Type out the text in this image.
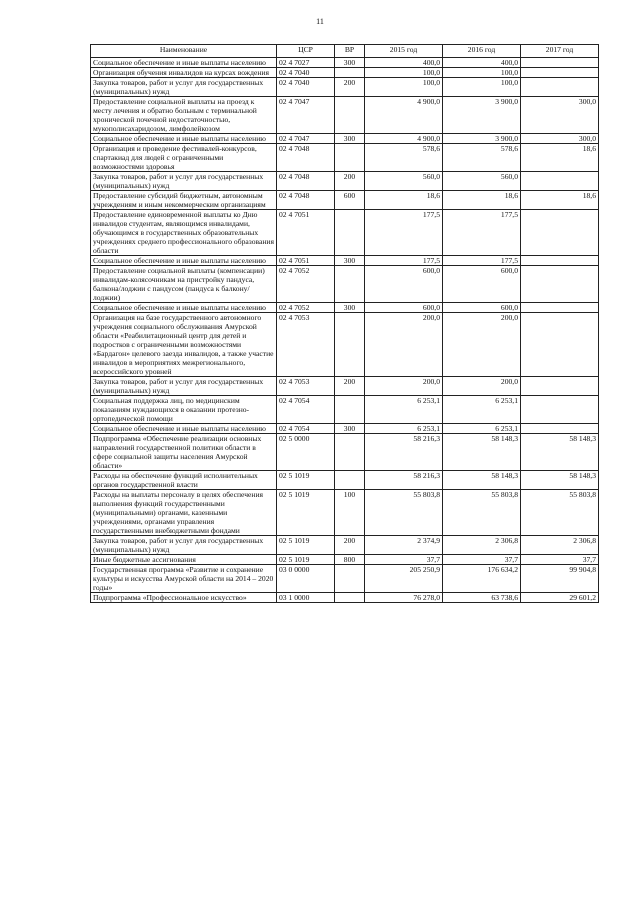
11
Наименование	ЦСР	ВР	2015 год	2016 год	2017 год
Социальное обеспечение и иные выплаты населению	02 4 7027	300	400,0	400,0	
Организация обучения инвалидов на курсах вождения	02 4 7040		100,0	100,0	
Закупка товаров, работ и услуг для государственных (муниципальных) нужд	02 4 7040	200	100,0	100,0	
Предоставление социальной выплаты на проезд к месту лечения и обратно больным с терминальной хронической почечной недостаточностью, мукополисахаридозом, лимфолейкозом	02 4 7047		4 900,0	3 900,0	300,0
Социальное обеспечение и иные выплаты населению	02 4 7047	300	4 900,0	3 900,0	300,0
Организация и проведение фестивалей-конкурсов, спартакиад для людей с ограниченными возможностями здоровья	02 4 7048		578,6	578,6	18,6
Закупка товаров, работ и услуг для государственных (муниципальных) нужд	02 4 7048	200	560,0	560,0	
Предоставление субсидий бюджетным, автономным учреждениям и иным некоммерческим организациям	02 4 7048	600	18,6	18,6	18,6
Предоставление единовременной выплаты ко Дню инвалидов студентам, являющимся инвалидами, обучающимся в государственных образовательных учреждениях среднего профессионального образования области	02 4 7051		177,5	177,5	
Социальное обеспечение и иные выплаты населению	02 4 7051	300	177,5	177,5	
Предоставление социальной выплаты (компенсации) инвалидам-колясочникам на пристройку пандуса, балкона/лоджии с пандусом (пандуса к балкону/лоджии)	02 4 7052		600,0	600,0	
Социальное обеспечение и иные выплаты населению	02 4 7052	300	600,0	600,0	
Организация на базе государственного автономного учреждения социального обслуживания Амурской области «Реабилитационный центр для детей и подростков с ограниченными возможностями «Бардагон» целевого заезда инвалидов, а также участие инвалидов в мероприятиях межрегионального, всероссийского уровней	02 4 7053		200,0	200,0	
Закупка товаров, работ и услуг для государственных (муниципальных) нужд	02 4 7053	200	200,0	200,0	
Социальная поддержка лиц, по медицинским показаниям нуждающихся в оказании протезно-ортопедической помощи	02 4 7054		6 253,1	6 253,1	
Социальное обеспечение и иные выплаты населению	02 4 7054	300	6 253,1	6 253,1	
Подпрограмма «Обеспечение реализации основных направлений государственной политики области в сфере социальной защиты населения Амурской области»	02 5 0000		58 216,3	58 148,3	58 148,3
Расходы на обеспечение функций исполнительных органов государственной власти	02 5 1019		58 216,3	58 148,3	58 148,3
Расходы на выплаты персоналу в целях обеспечения выполнения функций государственными (муниципальными) органами, казенными учреждениями, органами управления государственными внебюджетными фондами	02 5 1019	100	55 803,8	55 803,8	55 803,8
Закупка товаров, работ и услуг для государственных (муниципальных) нужд	02 5 1019	200	2 374,9	2 306,8	2 306,8
Иные бюджетные ассигнования	02 5 1019	800	37,7	37,7	37,7
Государственная программа «Развитие и сохранение культуры и искусства Амурской области на 2014 – 2020 годы»	03 0 0000		205 250,9	176 634,2	99 904,8
Подпрограмма «Профессиональное искусство»	03 1 0000		76 278,0	63 738,6	29 601,2
